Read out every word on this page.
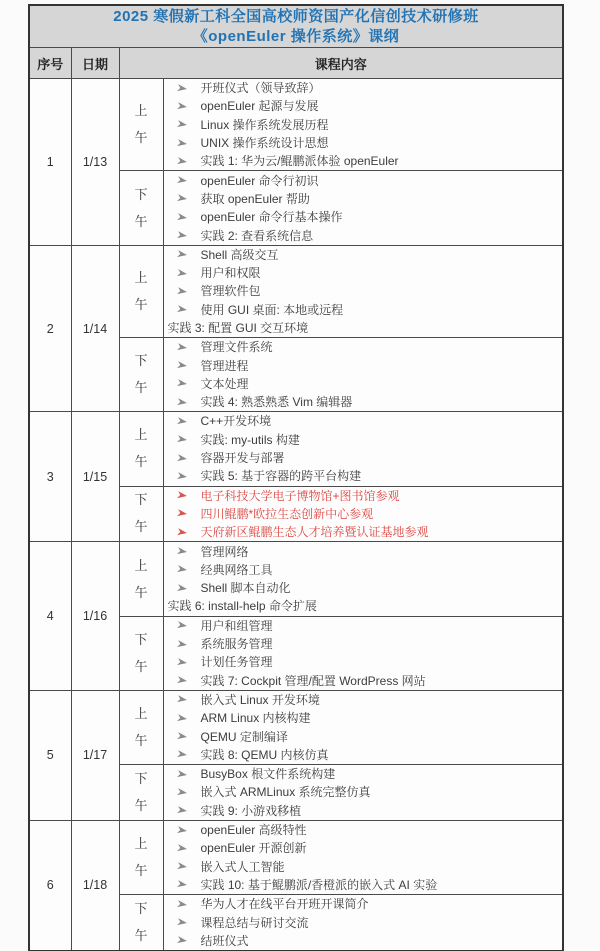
2025 寒假新工科全国高校师资国产化信创技术研修班
《openEuler 操作系统》课纲			

序号	日期	课程内容	
1	1/13	
上
午

开班仪式（领导致辞）
openEuler 起源与发展
Linux 操作系统发展历程
UNIX 操作系统设计思想
实践 1: 华为云/鲲鹏派体验 openEuler

下
午

openEuler 命令行初识
获取 openEuler 帮助
openEuler 命令行基本操作
实践 2: 查看系统信息

2	1/14	
上
午

Shell 高级交互
用户和权限
管理软件包
使用 GUI 桌面: 本地或远程
实践 3: 配置 GUI 交互环境

下
午

管理文件系统
管理进程
文本处理
实践 4: 熟悉熟悉 Vim 编辑器

3	1/15	
上
午

C++开发环境
实践: my-utils 构建
容器开发与部署
实践 5: 基于容器的跨平台构建

下
午

电子科技大学电子博物馆+图书馆参观
四川鲲鹏*欧拉生态创新中心参观
天府新区鲲鹏生态人才培养暨认证基地参观

4	1/16	
上
午

管理网络
经典网络工具
Shell 脚本自动化
实践 6: install-help 命令扩展

下
午

用户和组管理
系统服务管理
计划任务管理
实践 7: Cockpit 管理/配置 WordPress 网站

5	1/17	
上
午

嵌入式 Linux 开发环境
ARM Linux 内核构建
QEMU 定制编译
实践 8: QEMU 内核仿真

下
午

BusyBox 根文件系统构建
嵌入式 ARMLinux 系统完整仿真
实践 9: 小游戏移植

6	1/18	
上
午

openEuler 高级特性
openEuler 开源创新
嵌入式人工智能
实践 10: 基于鲲鹏派/香橙派的嵌入式 AI 实验

下
午

华为人才在线平台开班开课简介
课程总结与研讨交流
结班仪式
